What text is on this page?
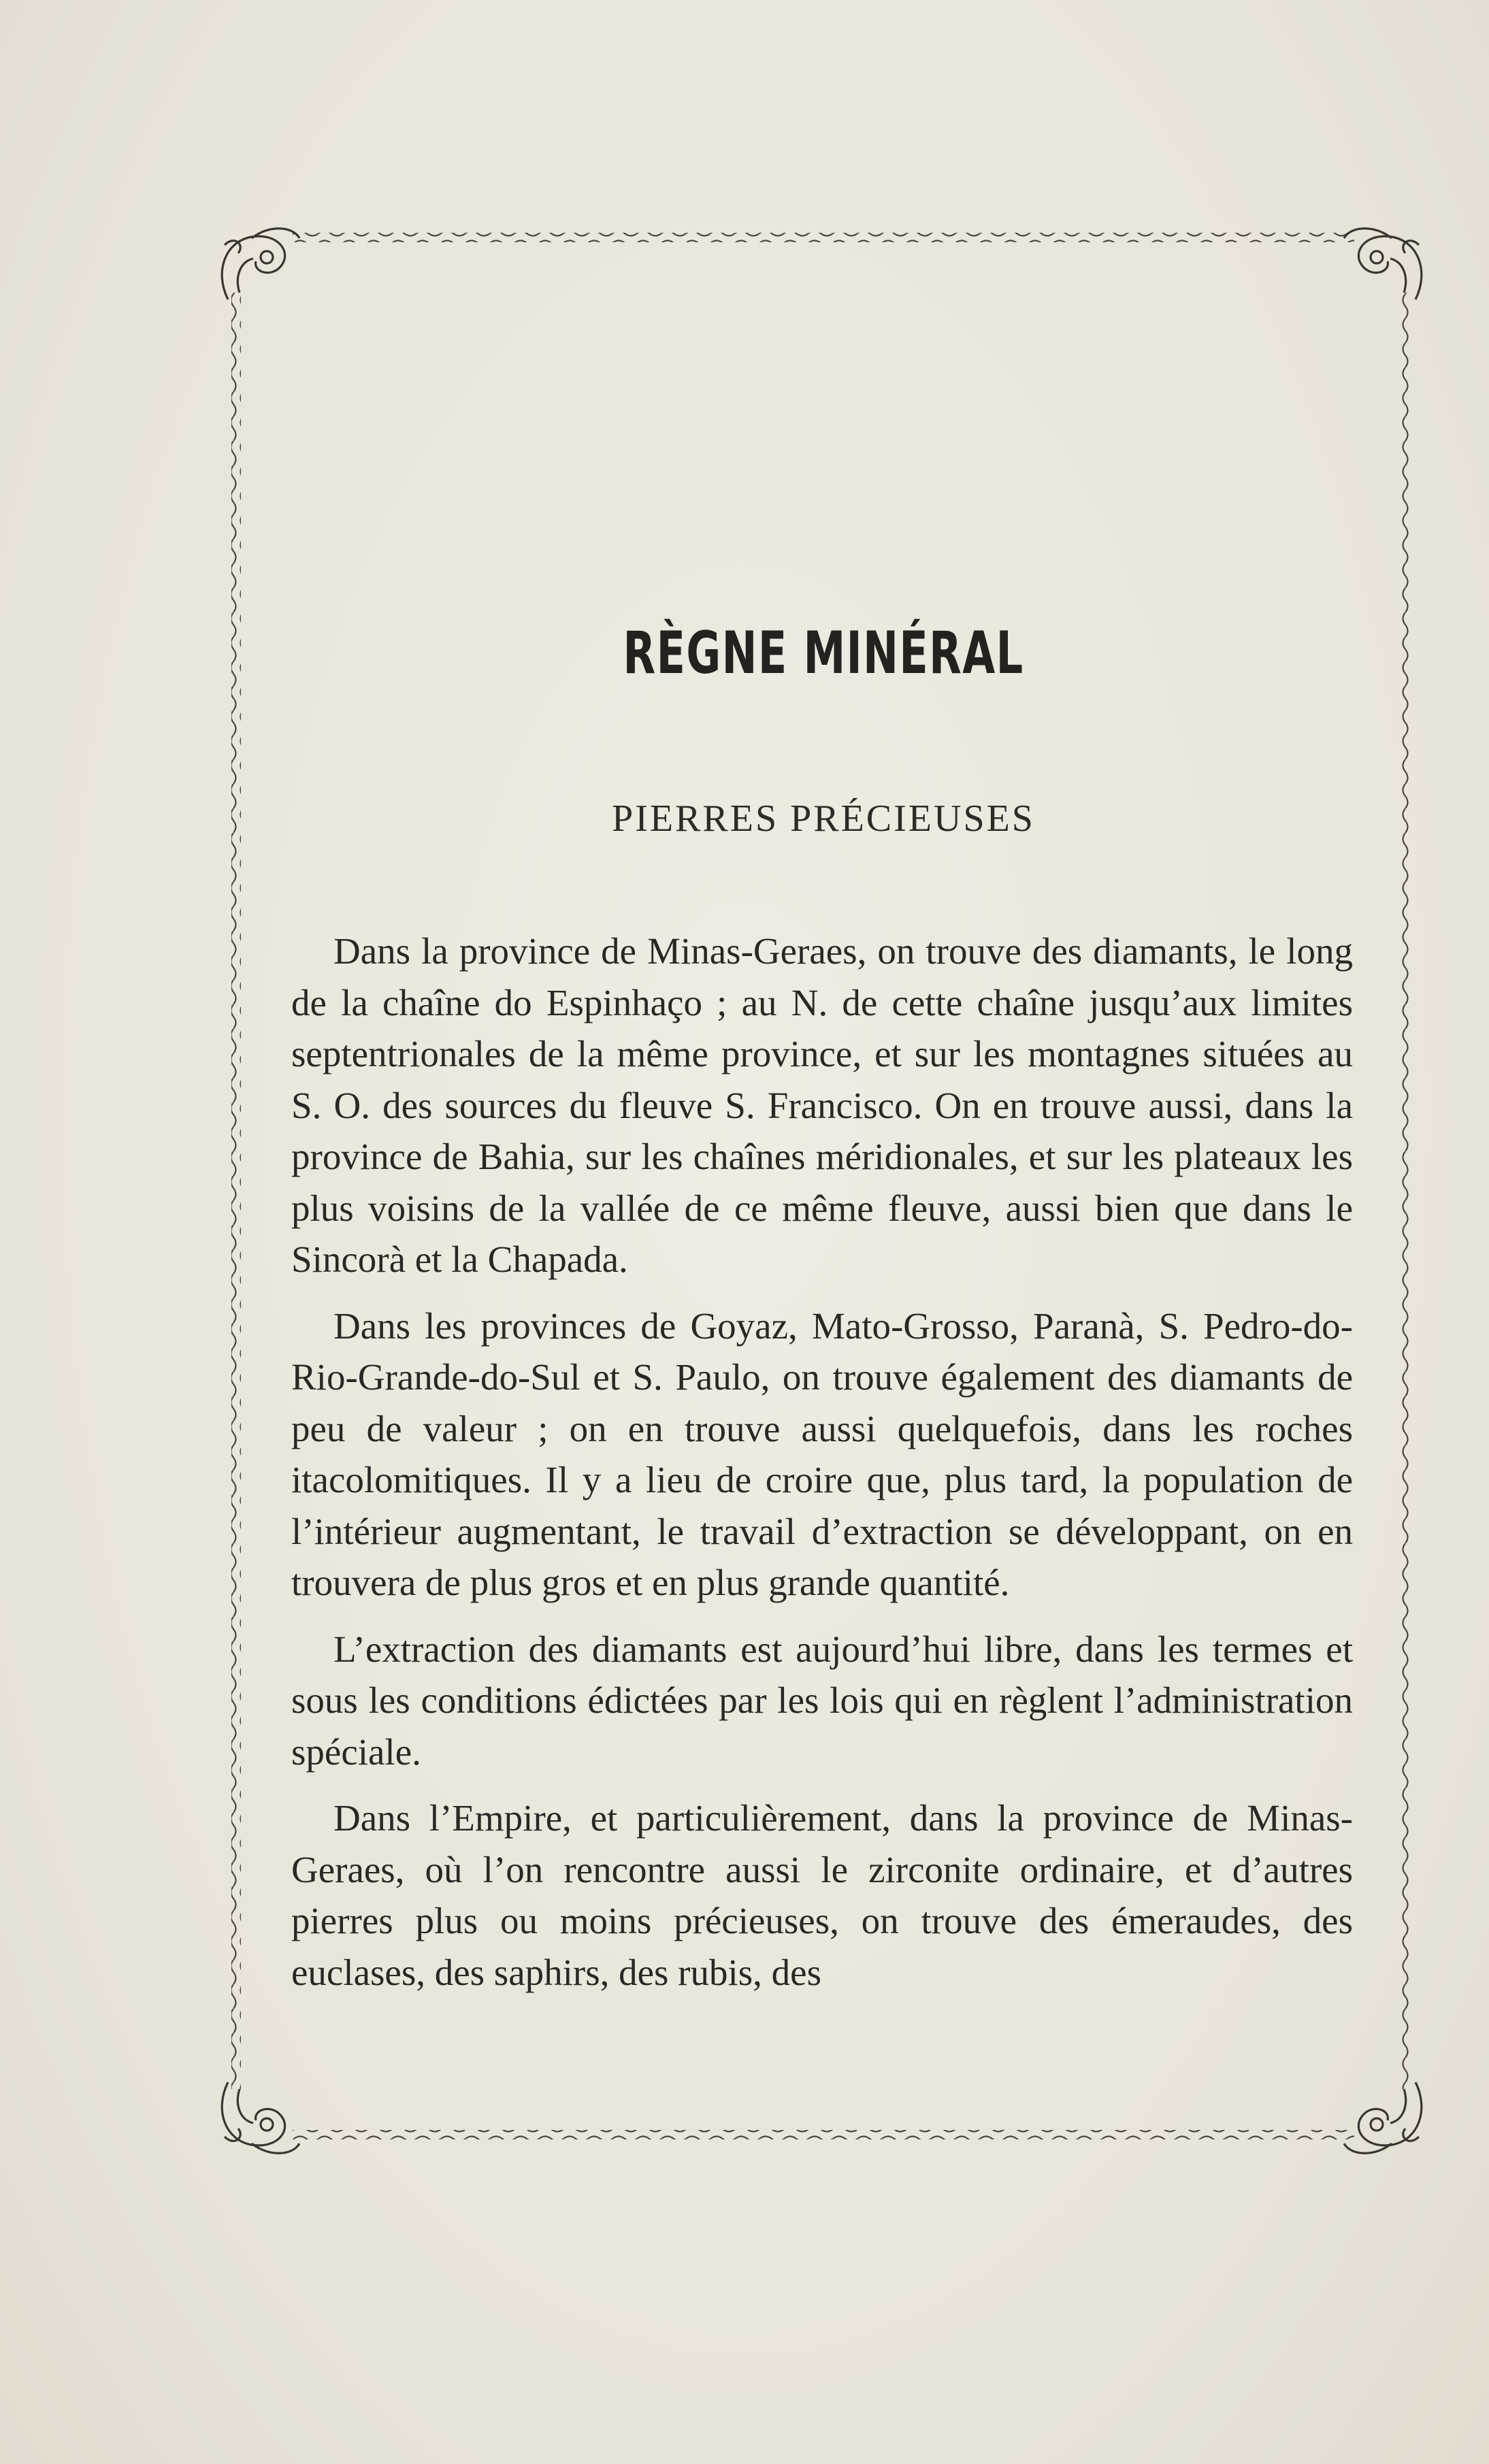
RÈGNE MINÉRAL
PIERRES PRÉCIEUSES

Dans la province de Minas-Geraes, on trouve des diamants, le long de la chaîne do Espinhaço ; au N. de cette chaîne jusqu’aux limites septentrionales de la même province, et sur les montagnes situées au S. O. des sources du fleuve S. Francisco. On en trouve aussi, dans la province de Bahia, sur les chaînes méridionales, et sur les plateaux les plus voisins de la vallée de ce même fleuve, aussi bien que dans le Sincorà et la Chapada.

Dans les provinces de Goyaz, Mato-Grosso, Paranà, S. Pedro-do-Rio-Grande-do-Sul et S. Paulo, on trouve également des diamants de peu de valeur ; on en trouve aussi quelquefois, dans les roches itacolomitiques. Il y a lieu de croire que, plus tard, la population de l’intérieur augmentant, le travail d’extraction se développant, on en trouvera de plus gros et en plus grande quantité.

L’extraction des diamants est aujourd’hui libre, dans les termes et sous les conditions édictées par les lois qui en règlent l’administration spéciale.

Dans l’Empire, et particulièrement, dans la province de Minas-Geraes, où l’on rencontre aussi le zirconite ordinaire, et d’autres pierres plus ou moins précieuses, on trouve des émeraudes, des euclases, des saphirs, des rubis, des
